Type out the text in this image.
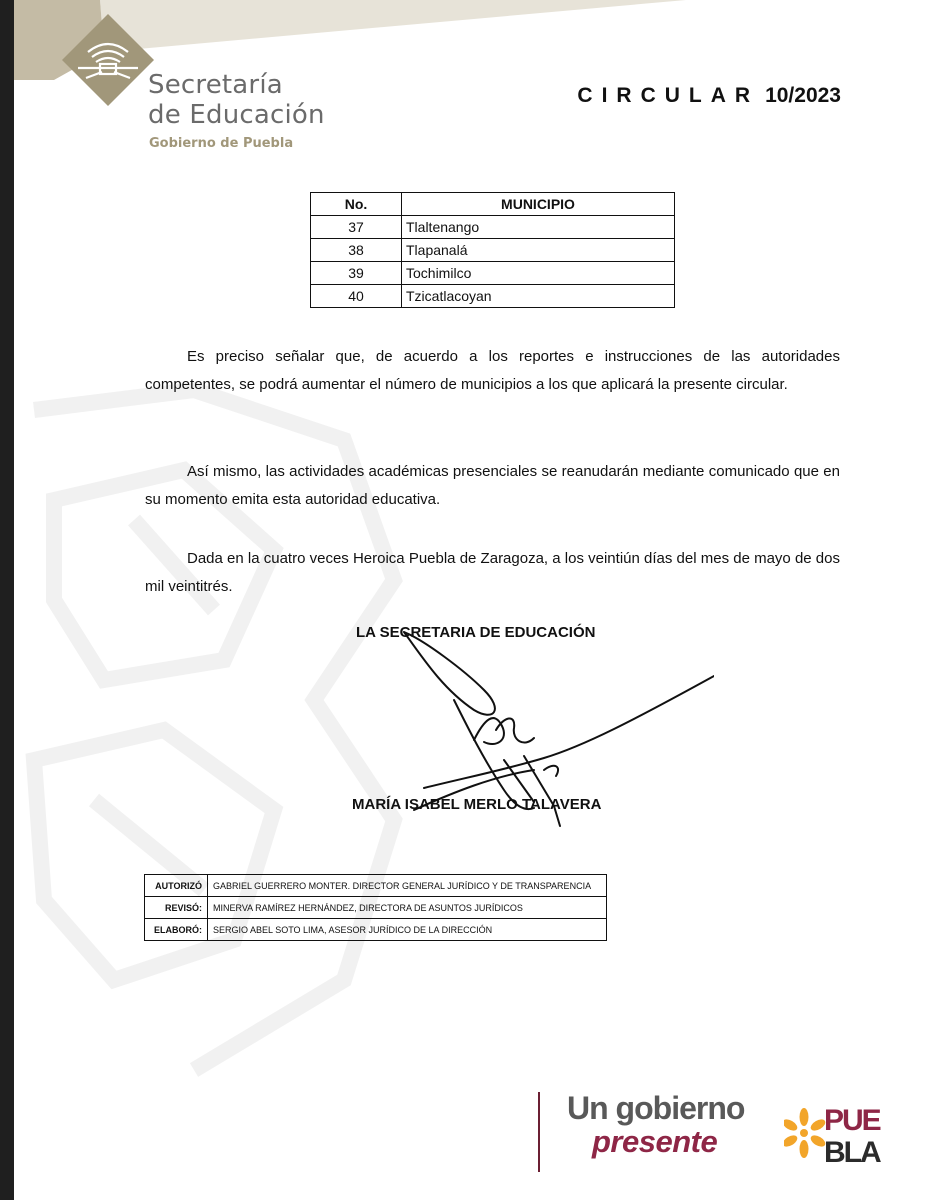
Secretaría
de Educación
Gobierno de Puebla
CIRCULAR 10/2023
No.	MUNICIPIO
37	Tlaltenango
38	Tlapanalá
39	Tochimilco
40	Tzicatlacoyan

Es preciso señalar que, de acuerdo a los reportes e instrucciones de las autoridades competentes, se podrá aumentar el número de municipios a los que aplicará la presente circular.

Así mismo, las actividades académicas presenciales se reanudarán mediante comunicado que en su momento emita esta autoridad educativa.

Dada en la cuatro veces Heroica Puebla de Zaragoza, a los veintiún días del mes de mayo de dos mil veintitrés.

LA SECRETARIA DE EDUCACIÓN
MARÍA ISABEL MERLO TALAVERA
AUTORIZÓ	GABRIEL GUERRERO MONTER. DIRECTOR GENERAL JURÍDICO Y DE TRANSPARENCIA
REVISÓ:	MINERVA RAMÍREZ HERNÁNDEZ, DIRECTORA DE ASUNTOS JURÍDICOS
ELABORÓ:	SERGIO ABEL SOTO LIMA, ASESOR JURÍDICO DE LA DIRECCIÓN
Un gobierno
presente
PUE
BLA
